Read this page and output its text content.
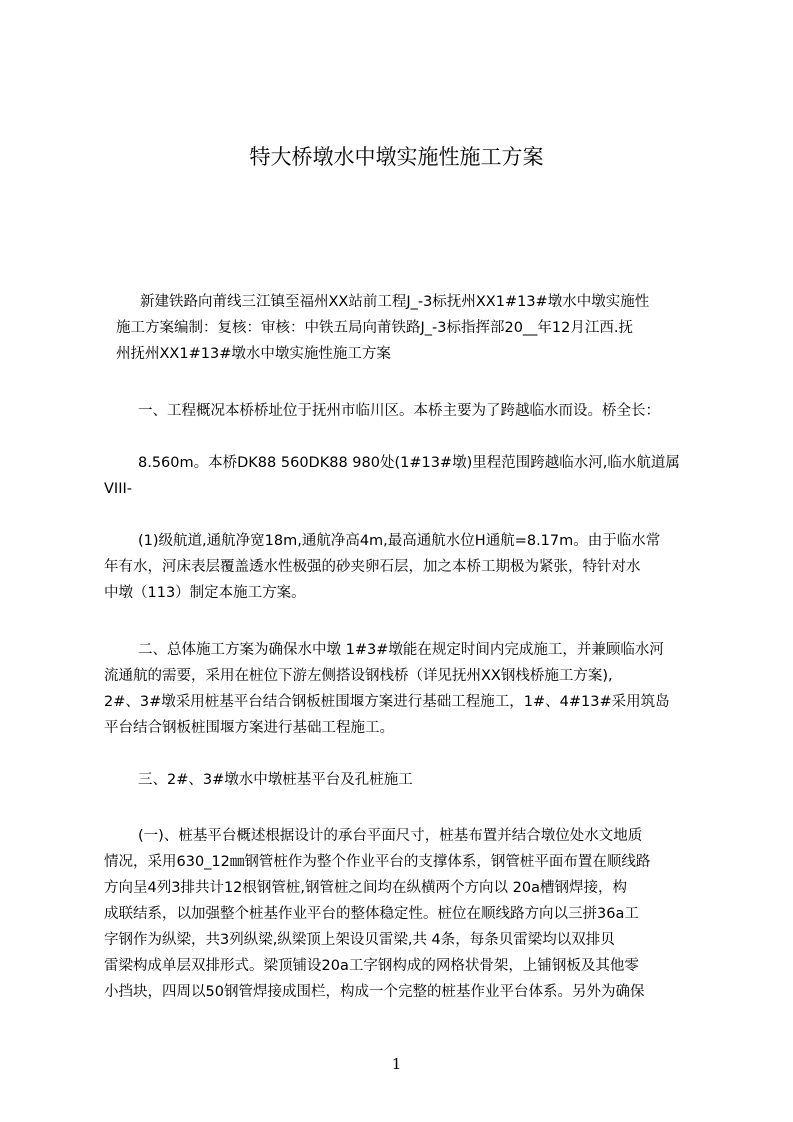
特大桥墩水中墩实施性施工方案
新建铁路向莆线三江镇至福州XX站前工程J_-3标抚州XX1#13#墩水中墩实施性
施工方案编制：复核：审核：中铁五局向莆铁路J_-3标指挥部20__年12月江西.抚
州抚州XX1#13#墩水中墩实施性施工方案
一、工程概况本桥桥址位于抚州市临川区。本桥主要为了跨越临水而设。桥全长：
8.560m。本桥DK88 560DK88 980处(1#13#墩)里程范围跨越临水河,临水航道属
VIII-
(1)级航道,通航净宽18m,通航净高4m,最高通航水位H通航=8.17m。由于临水常
年有水，河床表层覆盖透水性极强的砂夹卵石层，加之本桥工期极为紧张，特针对水
中墩（113）制定本施工方案。
二、总体施工方案为确保水中墩 1#3#墩能在规定时间内完成施工，并兼顾临水河
流通航的需要，采用在桩位下游左侧搭设钢栈桥（详见抚州XX钢栈桥施工方案),
2#、3#墩采用桩基平台结合钢板桩围堰方案进行基础工程施工，1#、4#13#采用筑岛
平台结合钢板桩围堰方案进行基础工程施工。
三、2#、3#墩水中墩桩基平台及孔桩施工
(一)、桩基平台概述根据设计的承台平面尺寸，桩基布置并结合墩位处水文地质
情况，采用630_12㎜钢管桩作为整个作业平台的支撑体系，钢管桩平面布置在顺线路
方向呈4列3排共计12根钢管桩,钢管桩之间均在纵横两个方向以 20a槽钢焊接，构
成联结系，以加强整个桩基作业平台的整体稳定性。桩位在顺线路方向以三拼36a工
字钢作为纵梁，共3列纵梁,纵梁顶上架设贝雷梁,共 4条，每条贝雷梁均以双排贝
雷梁构成单层双排形式。梁顶铺设20a工字钢构成的网格状骨架，上铺钢板及其他零
小挡块，四周以50钢管焊接成围栏，构成一个完整的桩基作业平台体系。另外为确保
1
